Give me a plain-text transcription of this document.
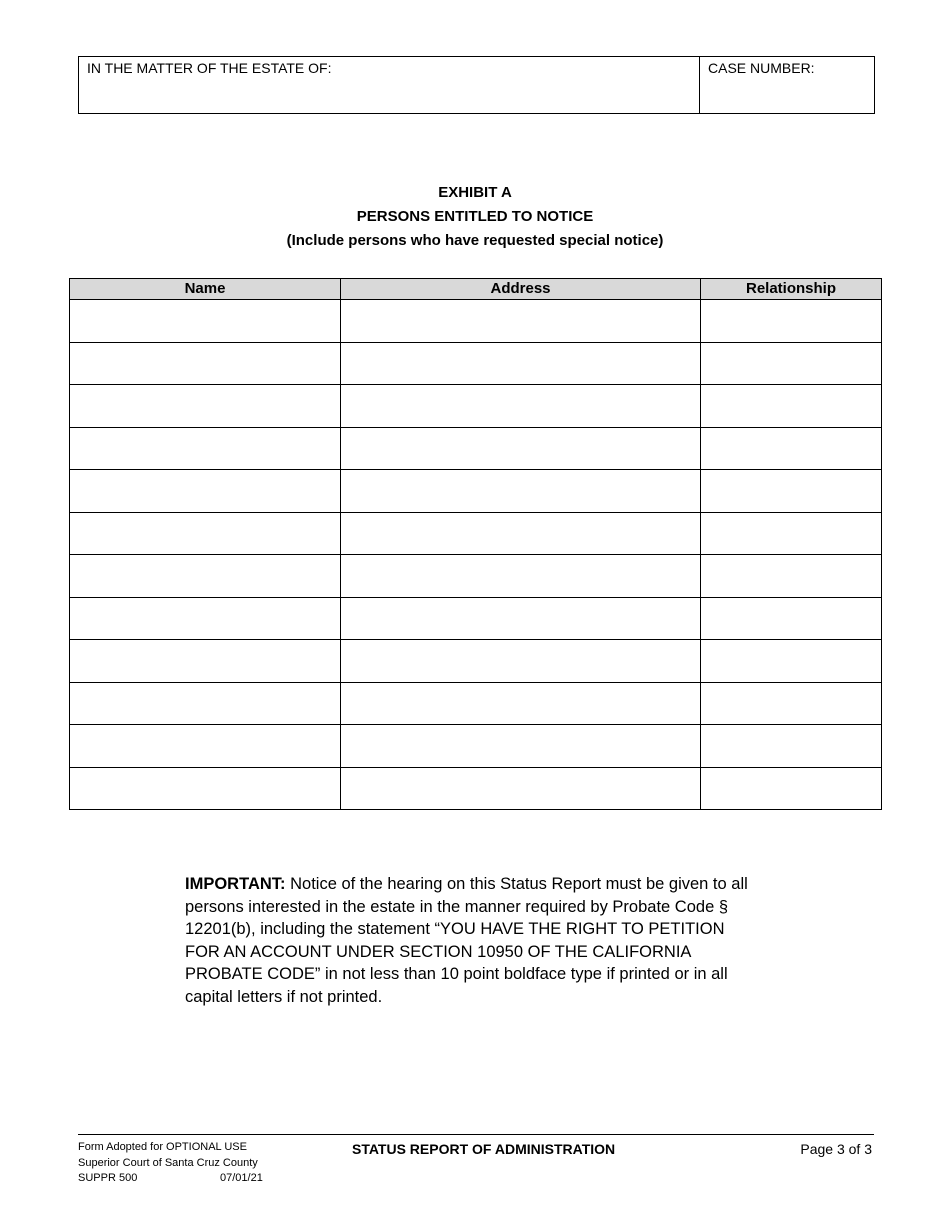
IN THE MATTER OF THE ESTATE OF:	CASE NUMBER:
EXHIBIT A
PERSONS ENTITLED TO NOTICE
(Include persons who have requested special notice)
Name	Address	Relationship

IMPORTANT: Notice of the hearing on this Status Report must be given to all persons interested in the estate in the manner required by Probate Code § 12201(b), including the statement “YOU HAVE THE RIGHT TO PETITION FOR AN ACCOUNT UNDER SECTION 10950 OF THE CALIFORNIA PROBATE CODE” in not less than 10 point boldface type if printed or in all capital letters if not printed.
Form Adopted for OPTIONAL USE
Superior Court of Santa Cruz County
SUPPR 500	07/01/21
STATUS REPORT OF ADMINISTRATION	Page 3 of 3
